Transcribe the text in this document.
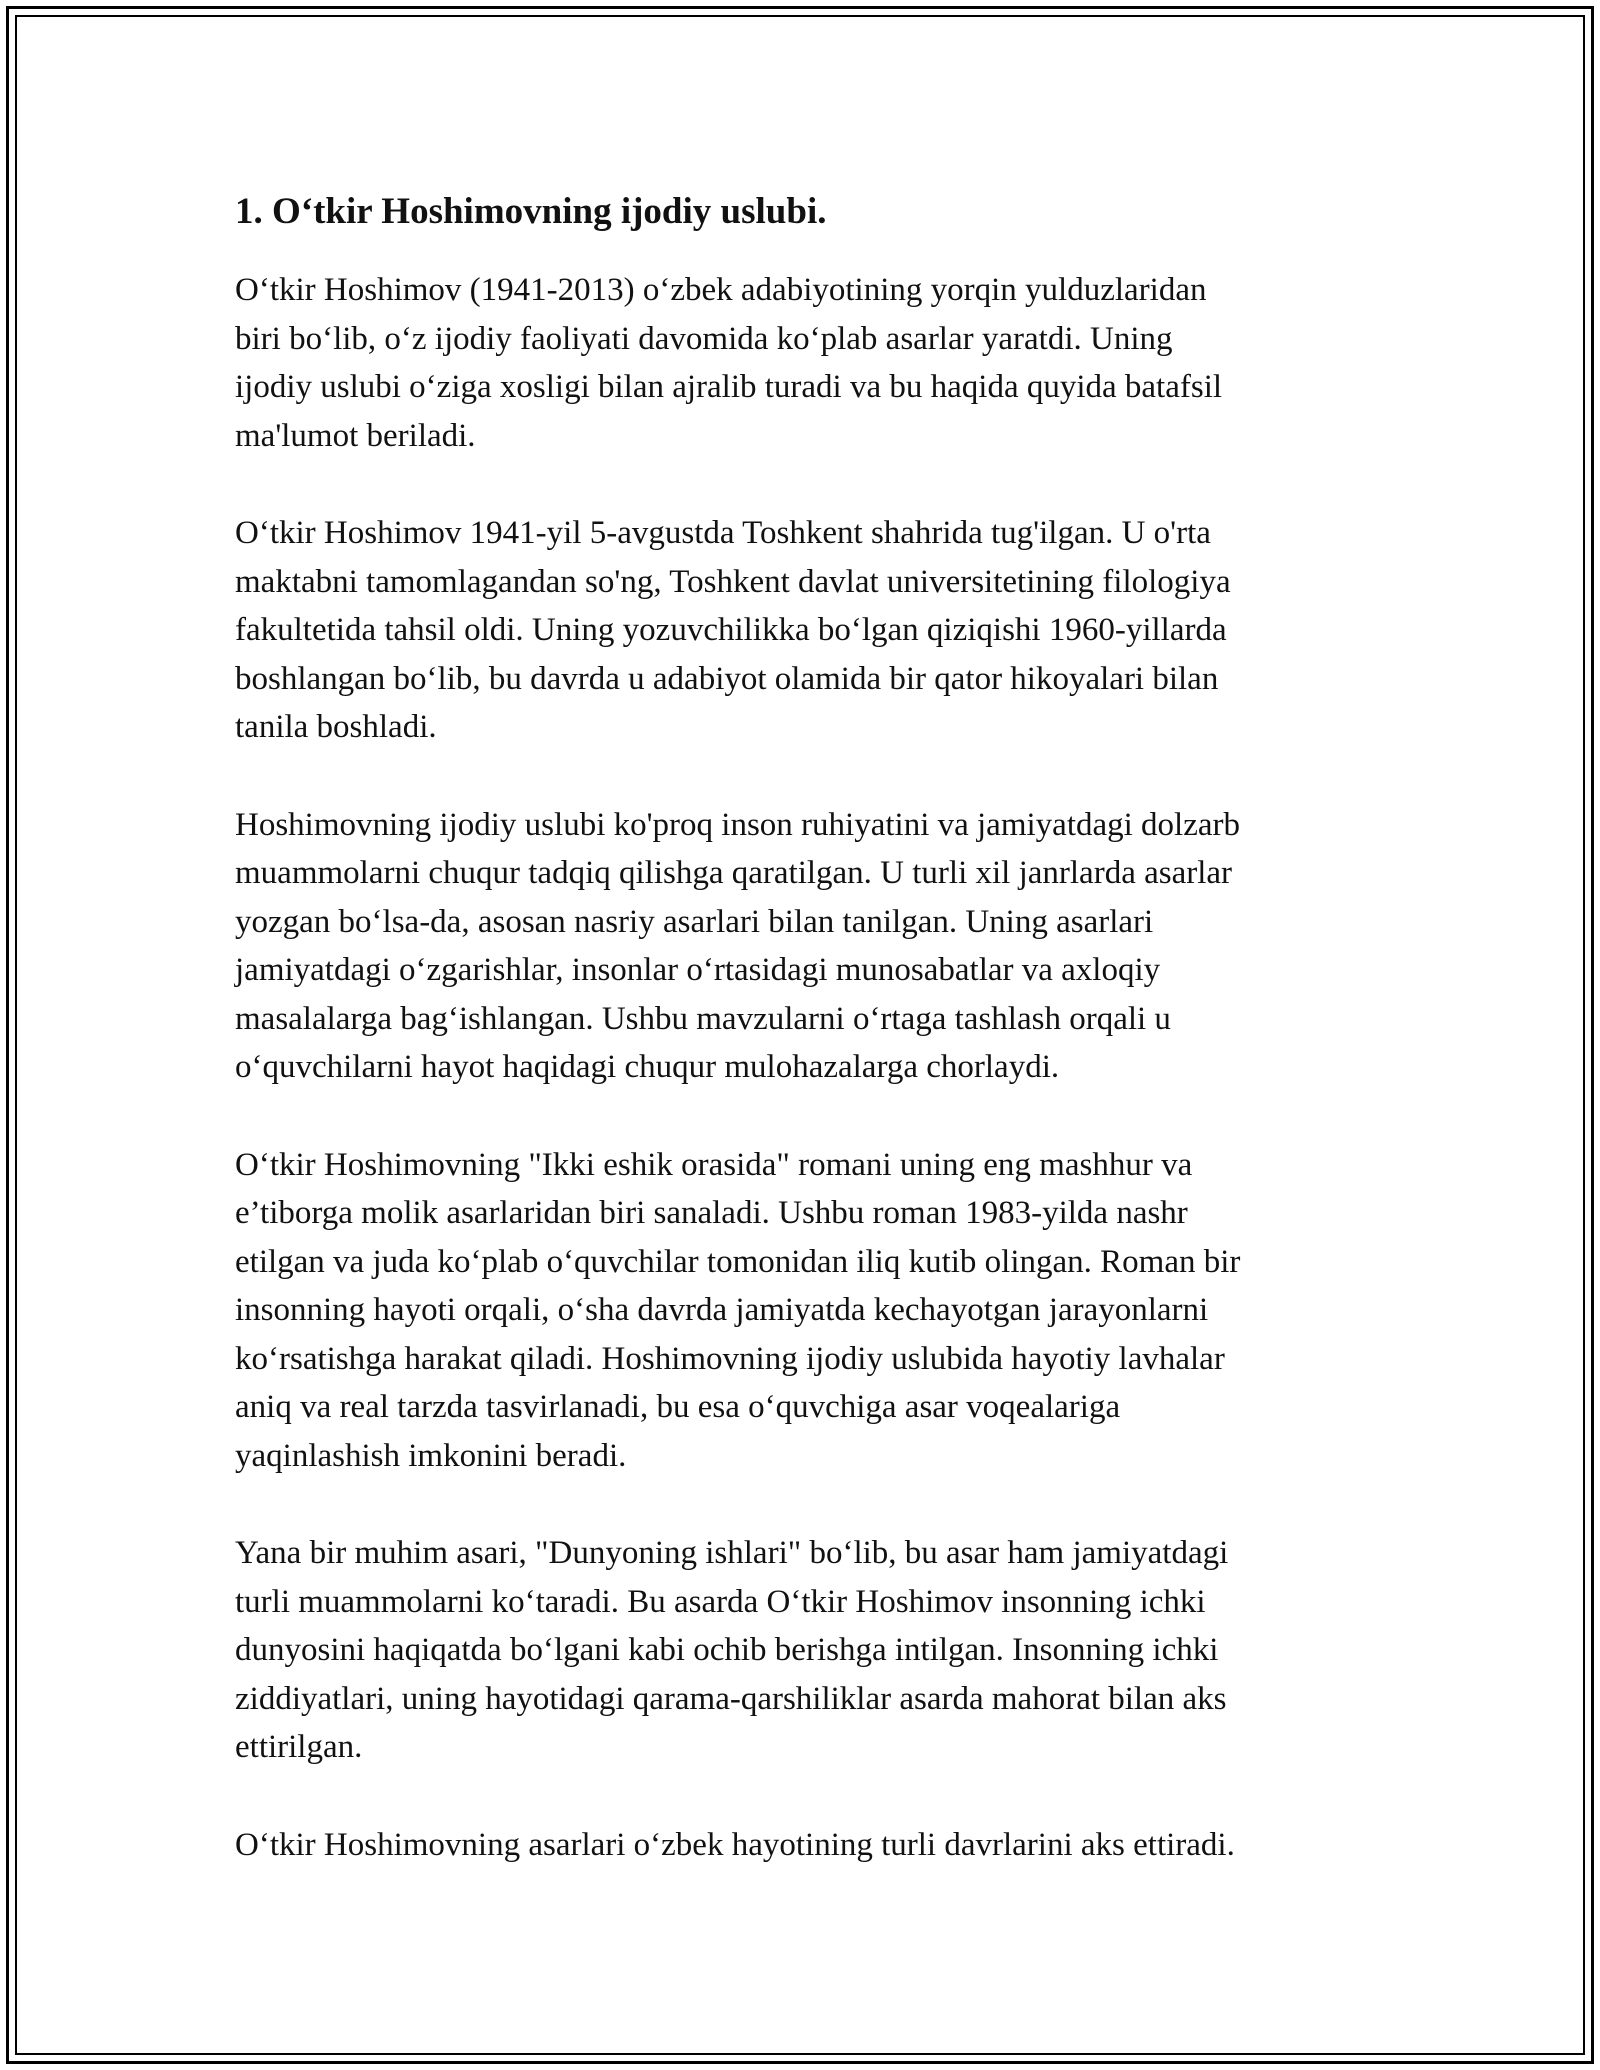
1. O‘tkir Hoshimovning ijodiy uslubi.
O‘tkir Hoshimov (1941-2013) o‘zbek adabiyotining yorqin yulduzlaridan
biri bo‘lib, o‘z ijodiy faoliyati davomida ko‘plab asarlar yaratdi. Uning
ijodiy uslubi o‘ziga xosligi bilan ajralib turadi va bu haqida quyida batafsil
ma'lumot beriladi.
O‘tkir Hoshimov 1941-yil 5-avgustda Toshkent shahrida tug'ilgan. U o'rta
maktabni tamomlagandan so'ng, Toshkent davlat universitetining filologiya
fakultetida tahsil oldi. Uning yozuvchilikka bo‘lgan qiziqishi 1960-yillarda
boshlangan bo‘lib, bu davrda u adabiyot olamida bir qator hikoyalari bilan
tanila boshladi.
Hoshimovning ijodiy uslubi ko'proq inson ruhiyatini va jamiyatdagi dolzarb
muammolarni chuqur tadqiq qilishga qaratilgan. U turli xil janrlarda asarlar
yozgan bo‘lsa-da, asosan nasriy asarlari bilan tanilgan. Uning asarlari
jamiyatdagi o‘zgarishlar, insonlar o‘rtasidagi munosabatlar va axloqiy
masalalarga bag‘ishlangan. Ushbu mavzularni o‘rtaga tashlash orqali u
o‘quvchilarni hayot haqidagi chuqur mulohazalarga chorlaydi.
O‘tkir Hoshimovning "Ikki eshik orasida" romani uning eng mashhur va
e’tiborga molik asarlaridan biri sanaladi. Ushbu roman 1983-yilda nashr
etilgan va juda ko‘plab o‘quvchilar tomonidan iliq kutib olingan. Roman bir
insonning hayoti orqali, o‘sha davrda jamiyatda kechayotgan jarayonlarni
ko‘rsatishga harakat qiladi. Hoshimovning ijodiy uslubida hayotiy lavhalar
aniq va real tarzda tasvirlanadi, bu esa o‘quvchiga asar voqealariga
yaqinlashish imkonini beradi.
Yana bir muhim asari, "Dunyoning ishlari" bo‘lib, bu asar ham jamiyatdagi
turli muammolarni ko‘taradi. Bu asarda O‘tkir Hoshimov insonning ichki
dunyosini haqiqatda bo‘lgani kabi ochib berishga intilgan. Insonning ichki
ziddiyatlari, uning hayotidagi qarama-qarshiliklar asarda mahorat bilan aks
ettirilgan.
O‘tkir Hoshimovning asarlari o‘zbek hayotining turli davrlarini aks ettiradi.
